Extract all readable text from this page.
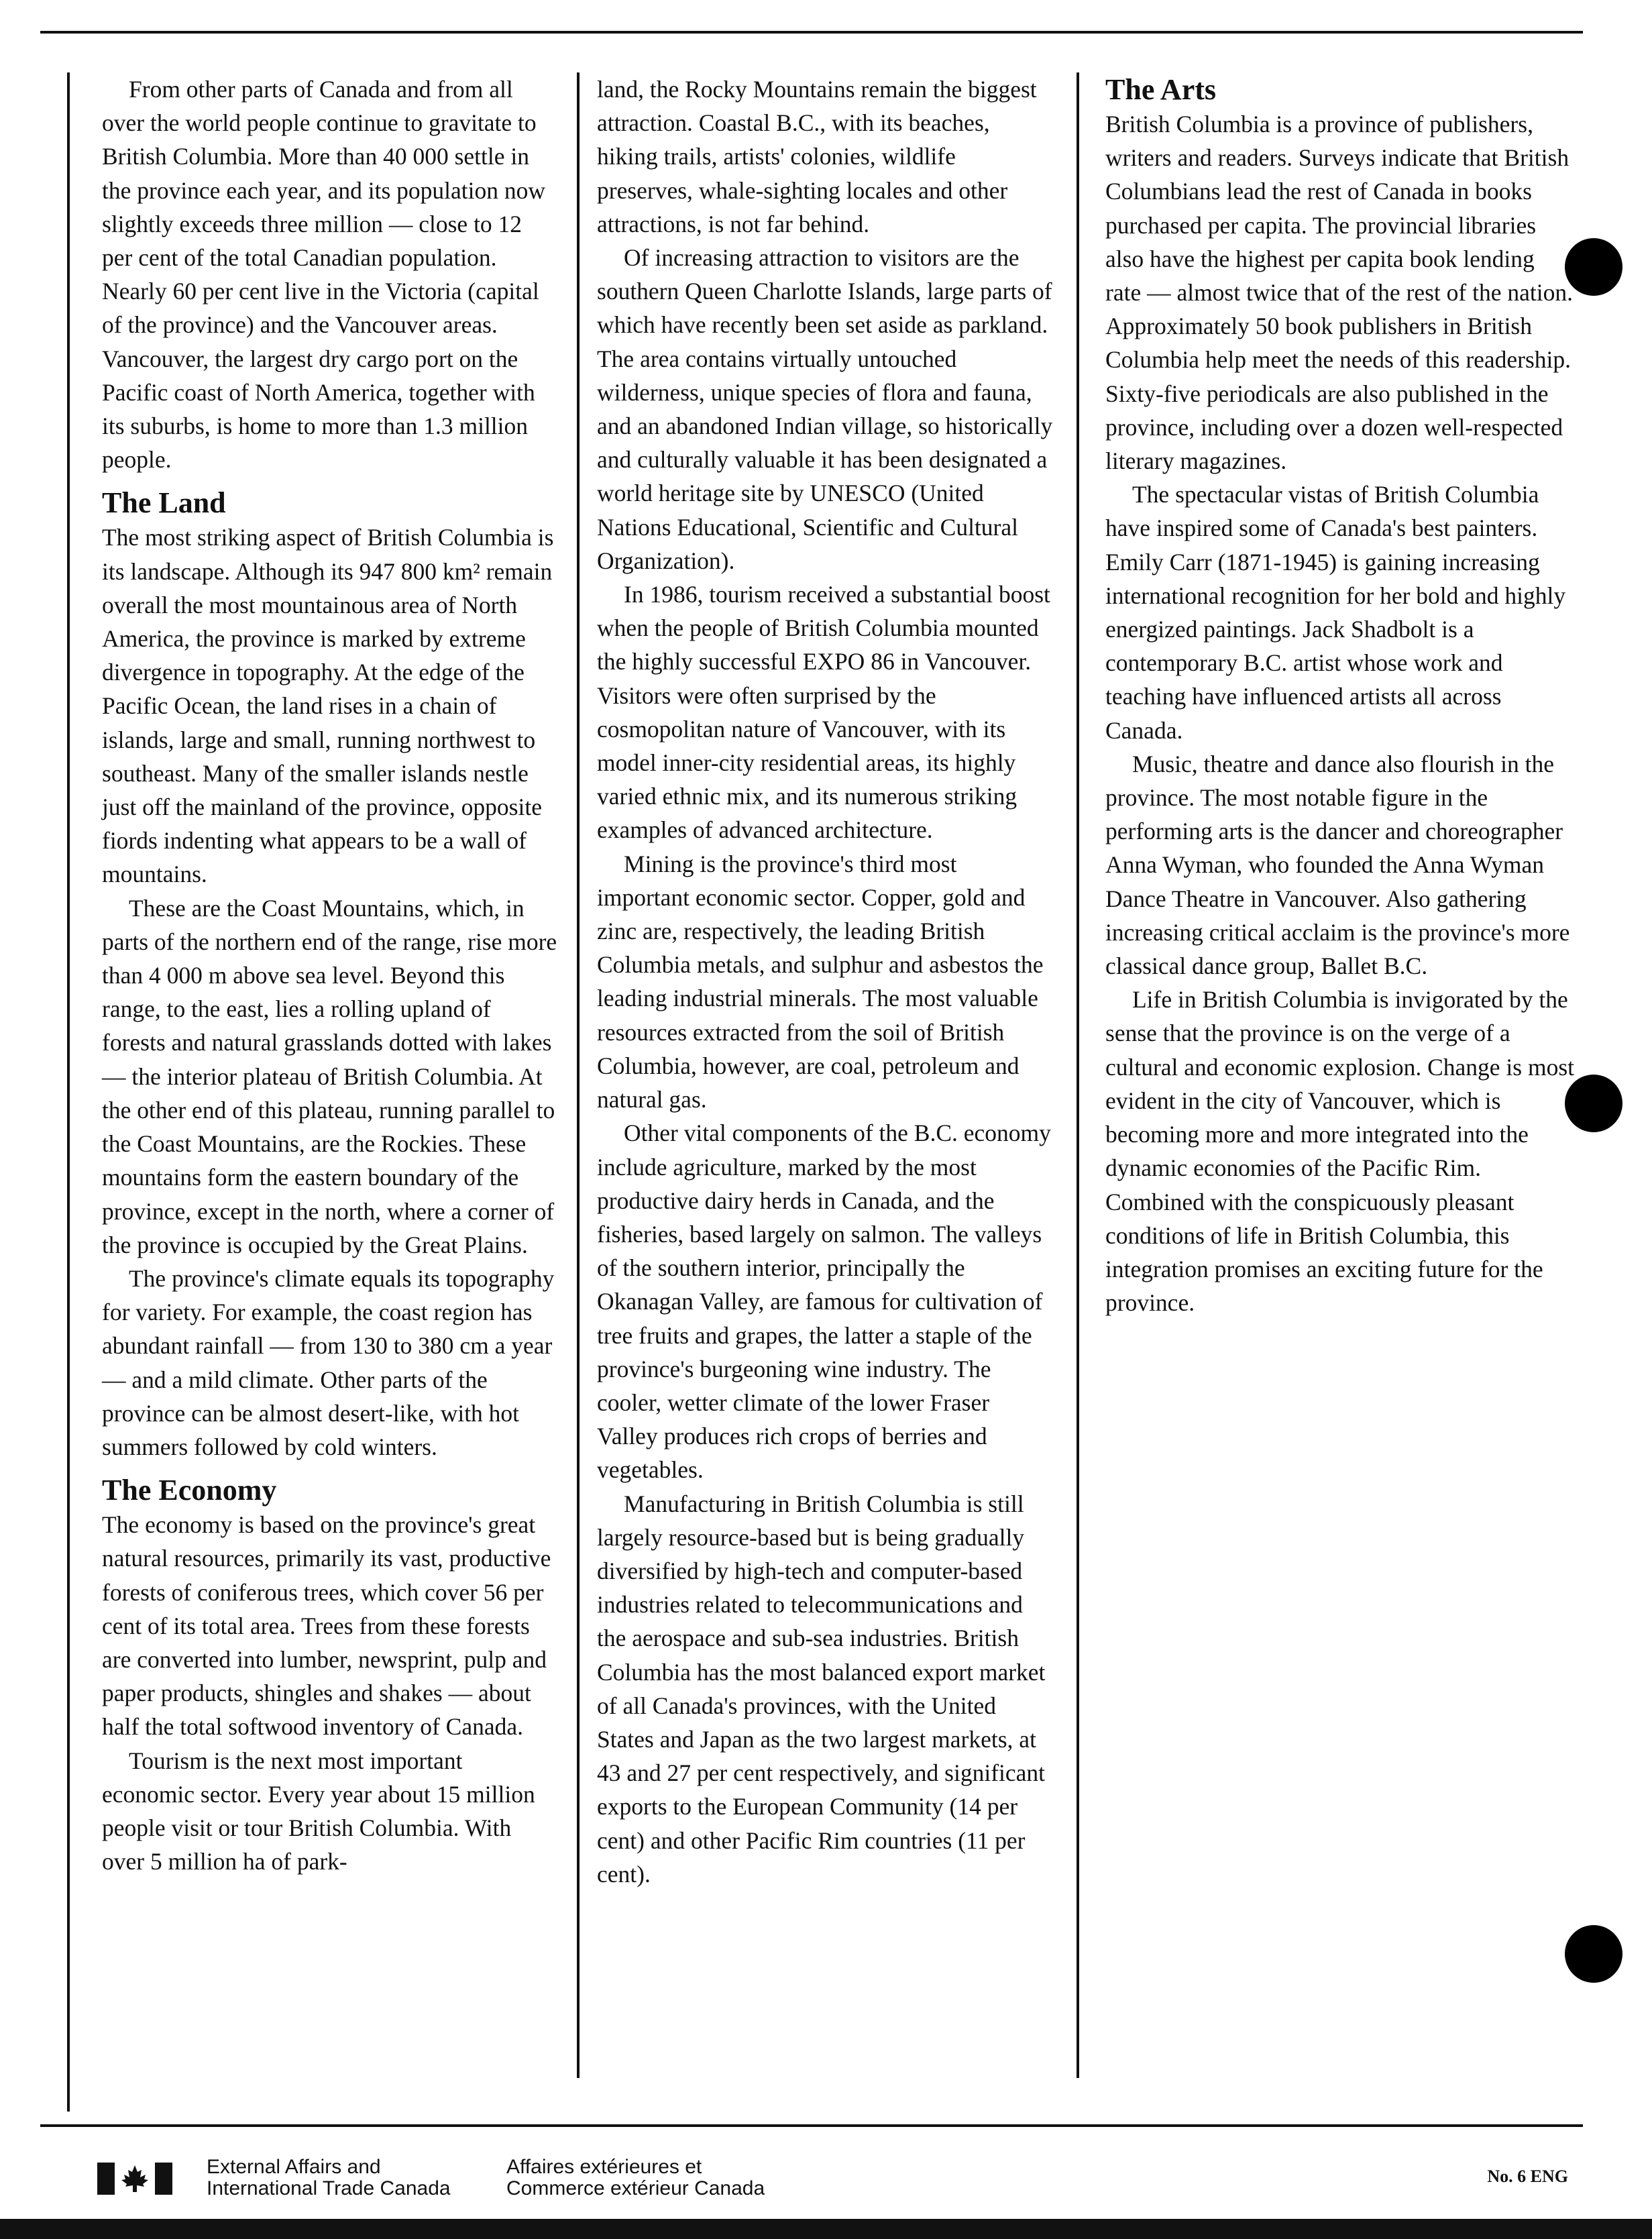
From other parts of Canada and from all over the world people continue to gravitate to British Columbia. More than 40 000 settle in the province each year, and its population now slightly exceeds three million — close to 12 per cent of the total Canadian population. Nearly 60 per cent live in the Victoria (capital of the province) and the Vancouver areas. Vancouver, the largest dry cargo port on the Pacific coast of North America, together with its suburbs, is home to more than 1.3 million people.

The Land

The most striking aspect of British Columbia is its landscape. Although its 947 800 km² remain overall the most mountainous area of North America, the province is marked by extreme divergence in topography. At the edge of the Pacific Ocean, the land rises in a chain of islands, large and small, running northwest to southeast. Many of the smaller islands nestle just off the mainland of the province, opposite fiords indenting what appears to be a wall of mountains.

These are the Coast Mountains, which, in parts of the northern end of the range, rise more than 4 000 m above sea level. Beyond this range, to the east, lies a rolling upland of forests and natural grasslands dotted with lakes — the interior plateau of British Columbia. At the other end of this plateau, running parallel to the Coast Mountains, are the Rockies. These mountains form the eastern boundary of the province, except in the north, where a corner of the province is occupied by the Great Plains.

The province's climate equals its topography for variety. For example, the coast region has abundant rainfall — from 130 to 380 cm a year — and a mild climate. Other parts of the province can be almost desert-like, with hot summers followed by cold winters.

The Economy

The economy is based on the province's great natural resources, primarily its vast, productive forests of coniferous trees, which cover 56 per cent of its total area. Trees from these forests are converted into lumber, newsprint, pulp and paper products, shingles and shakes — about half the total softwood inventory of Canada.

Tourism is the next most important economic sector. Every year about 15 million people visit or tour British Columbia. With over 5 million ha of park-

land, the Rocky Mountains remain the biggest attraction. Coastal B.C., with its beaches, hiking trails, artists' colonies, wildlife preserves, whale-sighting locales and other attractions, is not far behind.

Of increasing attraction to visitors are the southern Queen Charlotte Islands, large parts of which have recently been set aside as parkland. The area contains virtually untouched wilderness, unique species of flora and fauna, and an abandoned Indian village, so historically and culturally valuable it has been designated a world heritage site by UNESCO (United Nations Educational, Scientific and Cultural Organization).

In 1986, tourism received a substantial boost when the people of British Columbia mounted the highly successful EXPO 86 in Vancouver. Visitors were often surprised by the cosmopolitan nature of Vancouver, with its model inner-city residential areas, its highly varied ethnic mix, and its numerous striking examples of advanced architecture.

Mining is the province's third most important economic sector. Copper, gold and zinc are, respectively, the leading British Columbia metals, and sulphur and asbestos the leading industrial minerals. The most valuable resources extracted from the soil of British Columbia, however, are coal, petroleum and natural gas.

Other vital components of the B.C. economy include agriculture, marked by the most productive dairy herds in Canada, and the fisheries, based largely on salmon. The valleys of the southern interior, principally the Okanagan Valley, are famous for cultivation of tree fruits and grapes, the latter a staple of the province's burgeoning wine industry. The cooler, wetter climate of the lower Fraser Valley produces rich crops of berries and vegetables.

Manufacturing in British Columbia is still largely resource-based but is being gradually diversified by high-tech and computer-based industries related to telecommunications and the aerospace and sub-sea industries. British Columbia has the most balanced export market of all Canada's provinces, with the United States and Japan as the two largest markets, at 43 and 27 per cent respectively, and significant exports to the European Community (14 per cent) and other Pacific Rim countries (11 per cent).

The Arts

British Columbia is a province of publishers, writers and readers. Surveys indicate that British Columbians lead the rest of Canada in books purchased per capita. The provincial libraries also have the highest per capita book lending rate — almost twice that of the rest of the nation. Approximately 50 book publishers in British Columbia help meet the needs of this readership. Sixty-five periodicals are also published in the province, including over a dozen well-respected literary magazines.

The spectacular vistas of British Columbia have inspired some of Canada's best painters. Emily Carr (1871-1945) is gaining increasing international recognition for her bold and highly energized paintings. Jack Shadbolt is a contemporary B.C. artist whose work and teaching have influenced artists all across Canada.

Music, theatre and dance also flourish in the province. The most notable figure in the performing arts is the dancer and choreographer Anna Wyman, who founded the Anna Wyman Dance Theatre in Vancouver. Also gathering increasing critical acclaim is the province's more classical dance group, Ballet B.C.

Life in British Columbia is invigorated by the sense that the province is on the verge of a cultural and economic explosion. Change is most evident in the city of Vancouver, which is becoming more and more integrated into the dynamic economies of the Pacific Rim. Combined with the conspicuously pleasant conditions of life in British Columbia, this integration promises an exciting future for the province.

External Affairs and
International Trade Canada
Affaires extérieures et
Commerce extérieur Canada
No. 6 ENG
